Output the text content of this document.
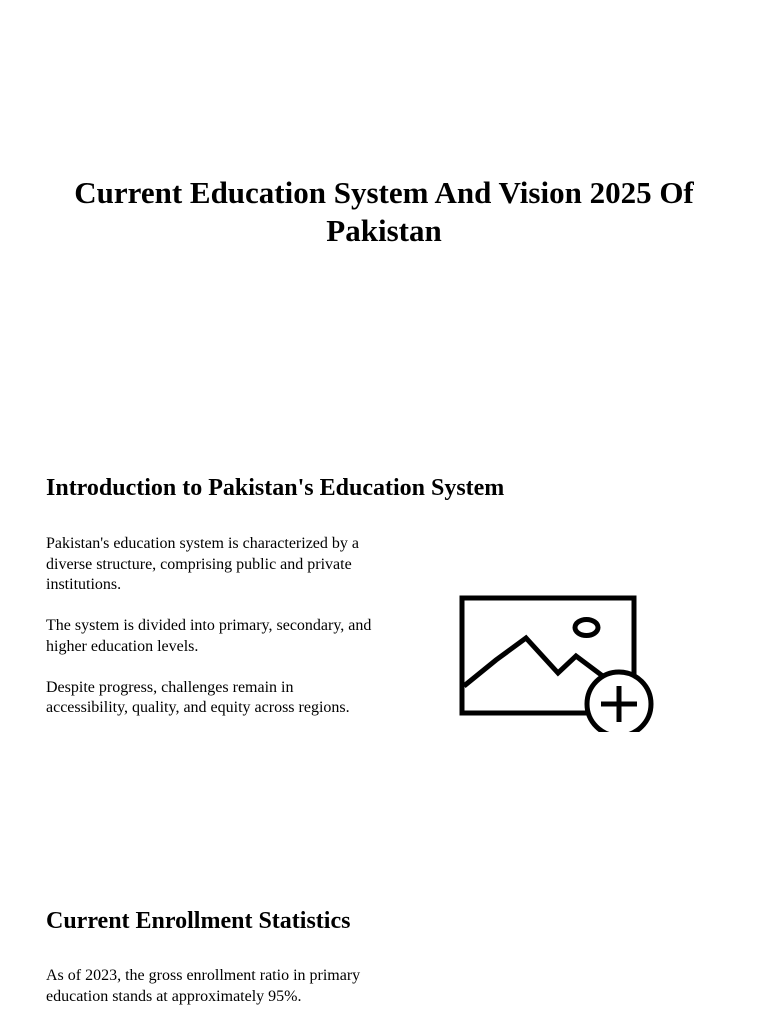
Current Education System And Vision 2025 Of Pakistan
Introduction to Pakistan's Education System

Pakistan's education system is characterized by a diverse structure, comprising public and private institutions.

The system is divided into primary, secondary, and higher education levels.

Despite progress, challenges remain in accessibility, quality, and equity across regions.

Current Enrollment Statistics

As of 2023, the gross enrollment ratio in primary education stands at approximately 95%.
